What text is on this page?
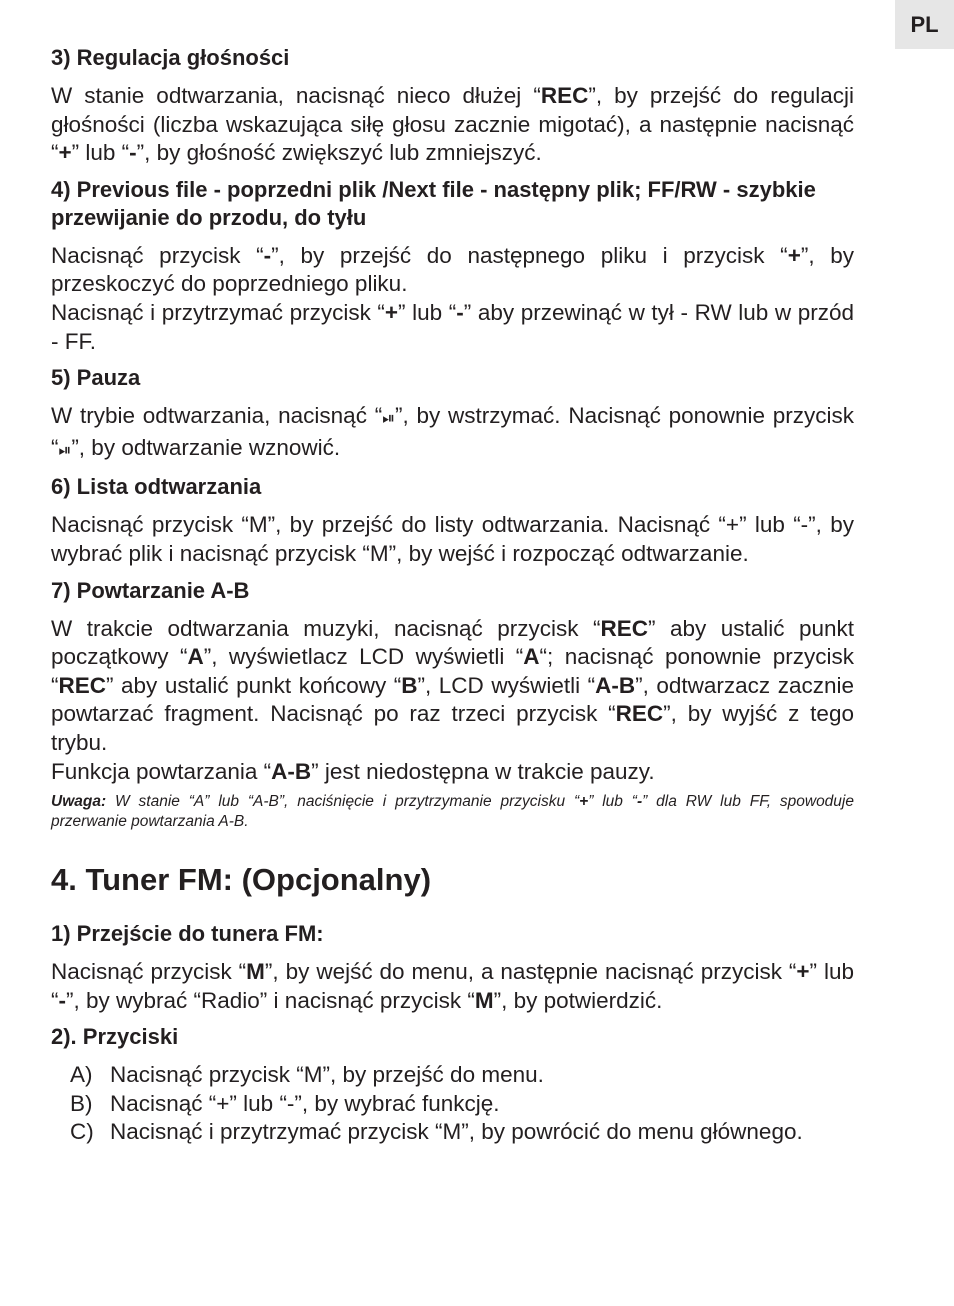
PL
3) Regulacja głośności

W stanie odtwarzania, nacisnąć nieco dłużej “REC”, by przejść do regulacji głośności (liczba wskazująca siłę głosu zacznie migotać), a następnie nacisnąć “+” lub “-”, by głośność zwiększyć lub zmniejszyć.

4) Previous file - poprzedni plik /Next file - następny plik; FF/RW - szybkie przewijanie do przodu, do tyłu

Nacisnąć przycisk “-”, by przejść do następnego pliku i przycisk “+”, by przeskoczyć do poprzedniego pliku.

Nacisnąć i przytrzymać przycisk “+” lub “-” aby przewinąć w tył - RW lub w przód - FF.

5) Pauza

W trybie odtwarzania, nacisnąć “⏯”, by wstrzymać. Nacisnąć ponownie przycisk “⏯”, by odtwarzanie wznowić.

6) Lista odtwarzania

Nacisnąć przycisk “M”, by przejść do listy odtwarzania. Nacisnąć “+” lub “-”, by wybrać plik i nacisnąć przycisk “M”, by wejść i rozpocząć odtwarzanie.

7) Powtarzanie A-B

W trakcie odtwarzania muzyki, nacisnąć przycisk “REC” aby ustalić punkt początkowy “A”, wyświetlacz LCD wyświetli “A“; nacisnąć ponownie przycisk “REC” aby ustalić punkt końcowy “B”, LCD wyświetli “A-B”, odtwarzacz zacznie powtarzać fragment. Nacisnąć po raz trzeci przycisk “REC”, by wyjść z tego trybu.

Funkcja powtarzania “A-B” jest niedostępna w trakcie pauzy.

Uwaga: W stanie “A” lub “A-B”, naciśnięcie i przytrzymanie przycisku “+” lub “-” dla RW lub FF, spowoduje przerwanie powtarzania A-B.

4. Tuner FM: (Opcjonalny)
1) Przejście do tunera FM:

Nacisnąć przycisk “M”, by wejść do menu, a następnie nacisnąć przycisk “+” lub “-”, by wybrać “Radio” i nacisnąć przycisk “M”, by potwierdzić.

2). Przyciski
A) Nacisnąć przycisk “M”, by przejść do menu.
B) Nacisnąć “+” lub “-”, by wybrać funkcję.
C) Nacisnąć i przytrzymać przycisk “M”, by powrócić do menu głównego.
